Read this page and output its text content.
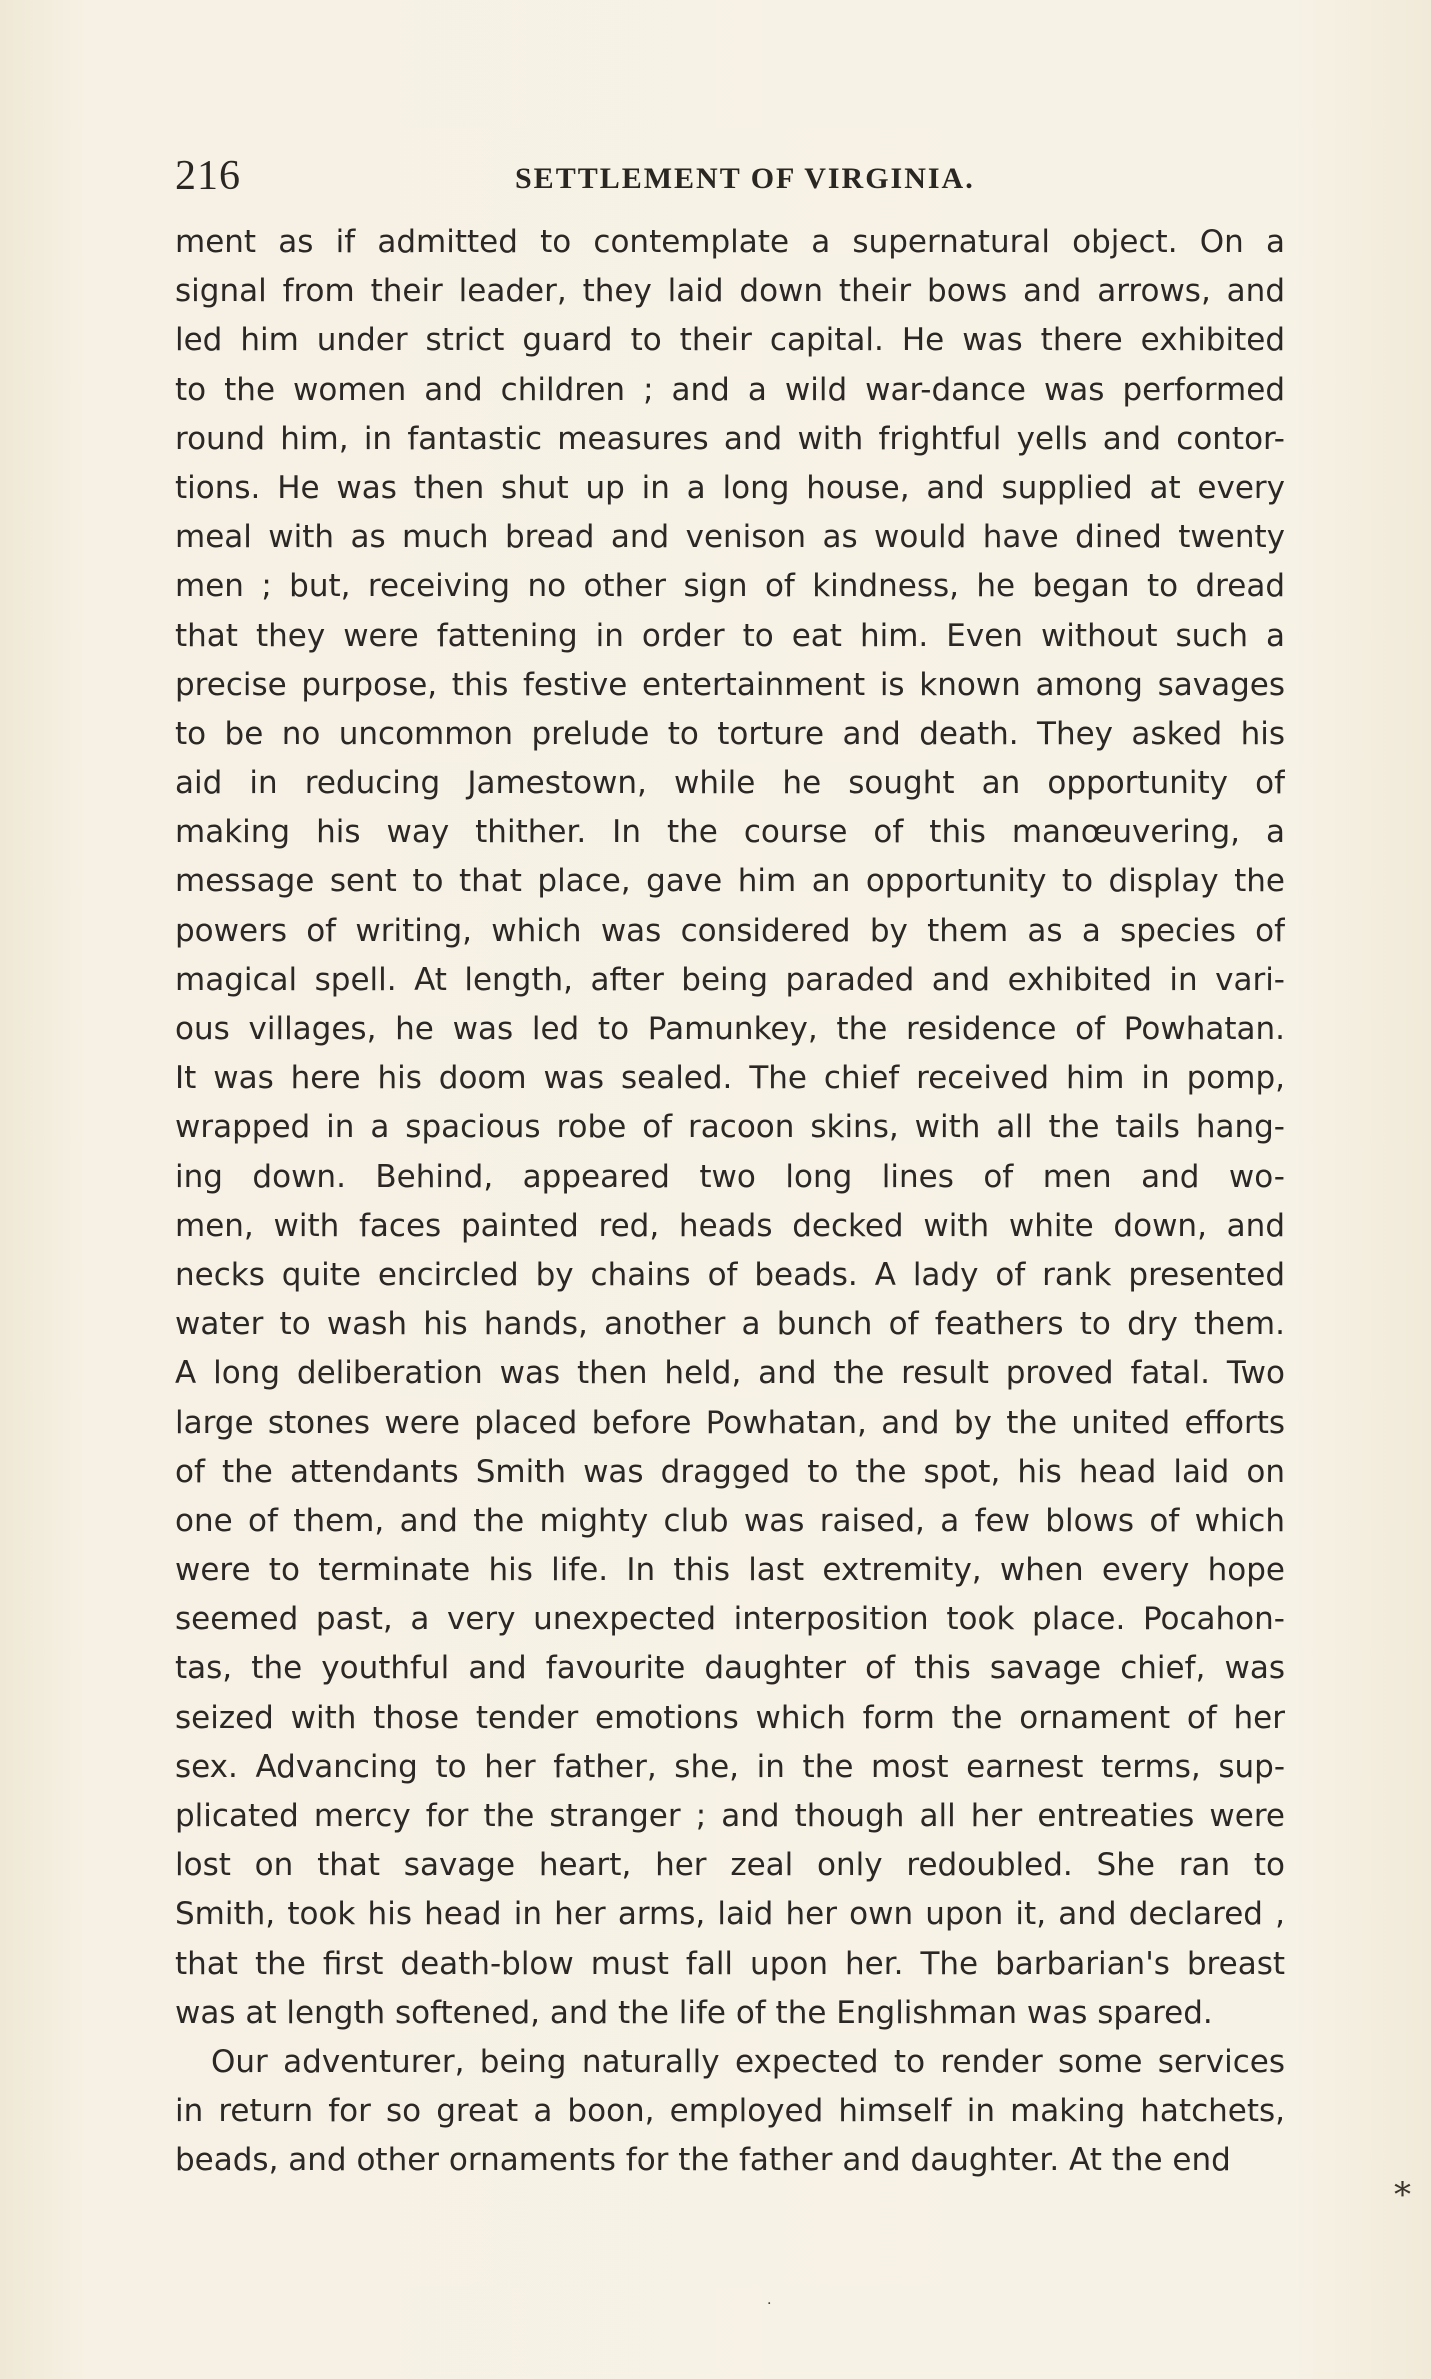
216	SETTLEMENT OF VIRGINIA.
ment as if admitted to contemplate a supernatural object. On a
signal from their leader, they laid down their bows and arrows, and
led him under strict guard to their capital. He was there exhibited
to the women and children ; and a wild war-dance was performed
round him, in fantastic measures and with frightful yells and contor-
tions. He was then shut up in a long house, and supplied at every
meal with as much bread and venison as would have dined twenty
men ; but, receiving no other sign of kindness, he began to dread
that they were fattening in order to eat him. Even without such a
precise purpose, this festive entertainment is known among savages
to be no uncommon prelude to torture and death. They asked his
aid in reducing Jamestown, while he sought an opportunity of
making his way thither. In the course of this manœuvering, a
message sent to that place, gave him an opportunity to display the
powers of writing, which was considered by them as a species of
magical spell. At length, after being paraded and exhibited in vari-
ous villages, he was led to Pamunkey, the residence of Powhatan.
It was here his doom was sealed. The chief received him in pomp,
wrapped in a spacious robe of racoon skins, with all the tails hang-
ing down. Behind, appeared two long lines of men and wo-
men, with faces painted red, heads decked with white down, and
necks quite encircled by chains of beads. A lady of rank presented
water to wash his hands, another a bunch of feathers to dry them.
A long deliberation was then held, and the result proved fatal. Two
large stones were placed before Powhatan, and by the united efforts
of the attendants Smith was dragged to the spot, his head laid on
one of them, and the mighty club was raised, a few blows of which
were to terminate his life. In this last extremity, when every hope
seemed past, a very unexpected interposition took place. Pocahon-
tas, the youthful and favourite daughter of this savage chief, was
seized with those tender emotions which form the ornament of her
sex. Advancing to her father, she, in the most earnest terms, sup-
plicated mercy for the stranger ; and though all her entreaties were
lost on that savage heart, her zeal only redoubled. She ran to
Smith, took his head in her arms, laid her own upon it, and declared ,
that the first death-blow must fall upon her. The barbarian's breast
was at length softened, and the life of the Englishman was spared.
Our adventurer, being naturally expected to render some services
in return for so great a boon, employed himself in making hatchets,
beads, and other ornaments for the father and daughter. At the end
*
.
